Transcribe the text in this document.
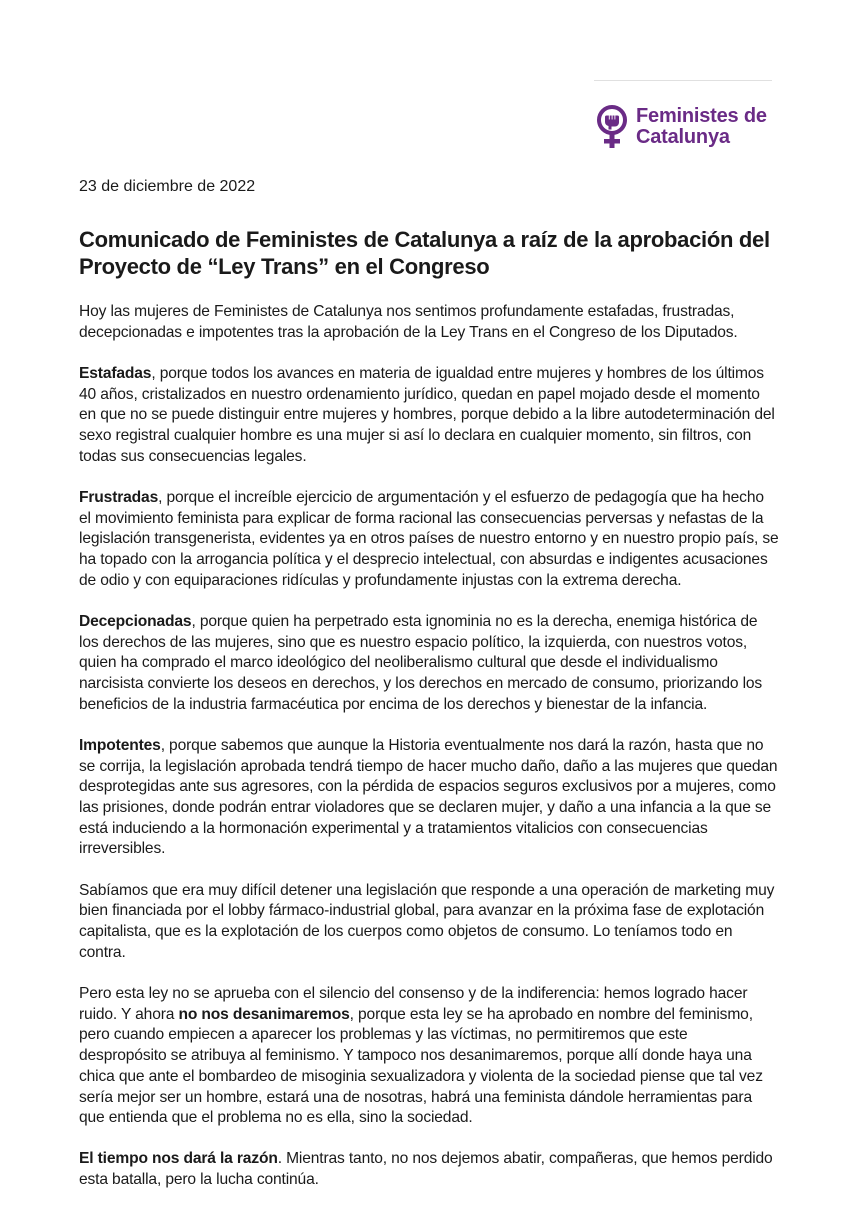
Feministes de
Catalunya
23 de diciembre de 2022
Comunicado de Feministes de Catalunya a raíz de la aprobación del Proyecto de “Ley Trans” en el Congreso

Hoy las mujeres de Feministes de Catalunya nos sentimos profundamente estafadas, frustradas, decepcionadas e impotentes tras la aprobación de la Ley Trans en el Congreso de los Diputados.

Estafadas, porque todos los avances en materia de igualdad entre mujeres y hombres de los últimos 40 años, cristalizados en nuestro ordenamiento jurídico, quedan en papel mojado desde el momento en que no se puede distinguir entre mujeres y hombres, porque debido a la libre autodeterminación del sexo registral cualquier hombre es una mujer si así lo declara en cualquier momento, sin filtros, con todas sus consecuencias legales.

Frustradas, porque el increíble ejercicio de argumentación y el esfuerzo de pedagogía que ha hecho el movimiento feminista para explicar de forma racional las consecuencias perversas y nefastas de la legislación transgenerista, evidentes ya en otros países de nuestro entorno y en nuestro propio país, se ha topado con la arrogancia política y el desprecio intelectual, con absurdas e indigentes acusaciones de odio y con equiparaciones ridículas y profundamente injustas con la extrema derecha.

Decepcionadas, porque quien ha perpetrado esta ignominia no es la derecha, enemiga histórica de los derechos de las mujeres, sino que es nuestro espacio político, la izquierda, con nuestros votos, quien ha comprado el marco ideológico del neoliberalismo cultural que desde el individualismo narcisista convierte los deseos en derechos, y los derechos en mercado de consumo, priorizando los beneficios de la industria farmacéutica por encima de los derechos y bienestar de la infancia.

Impotentes, porque sabemos que aunque la Historia eventualmente nos dará la razón, hasta que no se corrija, la legislación aprobada tendrá tiempo de hacer mucho daño, daño a las mujeres que quedan desprotegidas ante sus agresores, con la pérdida de espacios seguros exclusivos por a mujeres, como las prisiones, donde podrán entrar violadores que se declaren mujer, y daño a una infancia a la que se está induciendo a la hormonación experimental y a tratamientos vitalicios con consecuencias irreversibles.

Sabíamos que era muy difícil detener una legislación que responde a una operación de marketing muy bien financiada por el lobby fármaco-industrial global, para avanzar en la próxima fase de explotación capitalista, que es la explotación de los cuerpos como objetos de consumo. Lo teníamos todo en contra.

Pero esta ley no se aprueba con el silencio del consenso y de la indiferencia: hemos logrado hacer ruido. Y ahora no nos desanimaremos, porque esta ley se ha aprobado en nombre del feminismo, pero cuando empiecen a aparecer los problemas y las víctimas, no permitiremos que este despropósito se atribuya al feminismo. Y tampoco nos desanimaremos, porque allí donde haya una chica que ante el bombardeo de misoginia sexualizadora y violenta de la sociedad piense que tal vez sería mejor ser un hombre, estará una de nosotras, habrá una feminista dándole herramientas para que entienda que el problema no es ella, sino la sociedad.

El tiempo nos dará la razón. Mientras tanto, no nos dejemos abatir, compañeras, que hemos perdido esta batalla, pero la lucha continúa.
